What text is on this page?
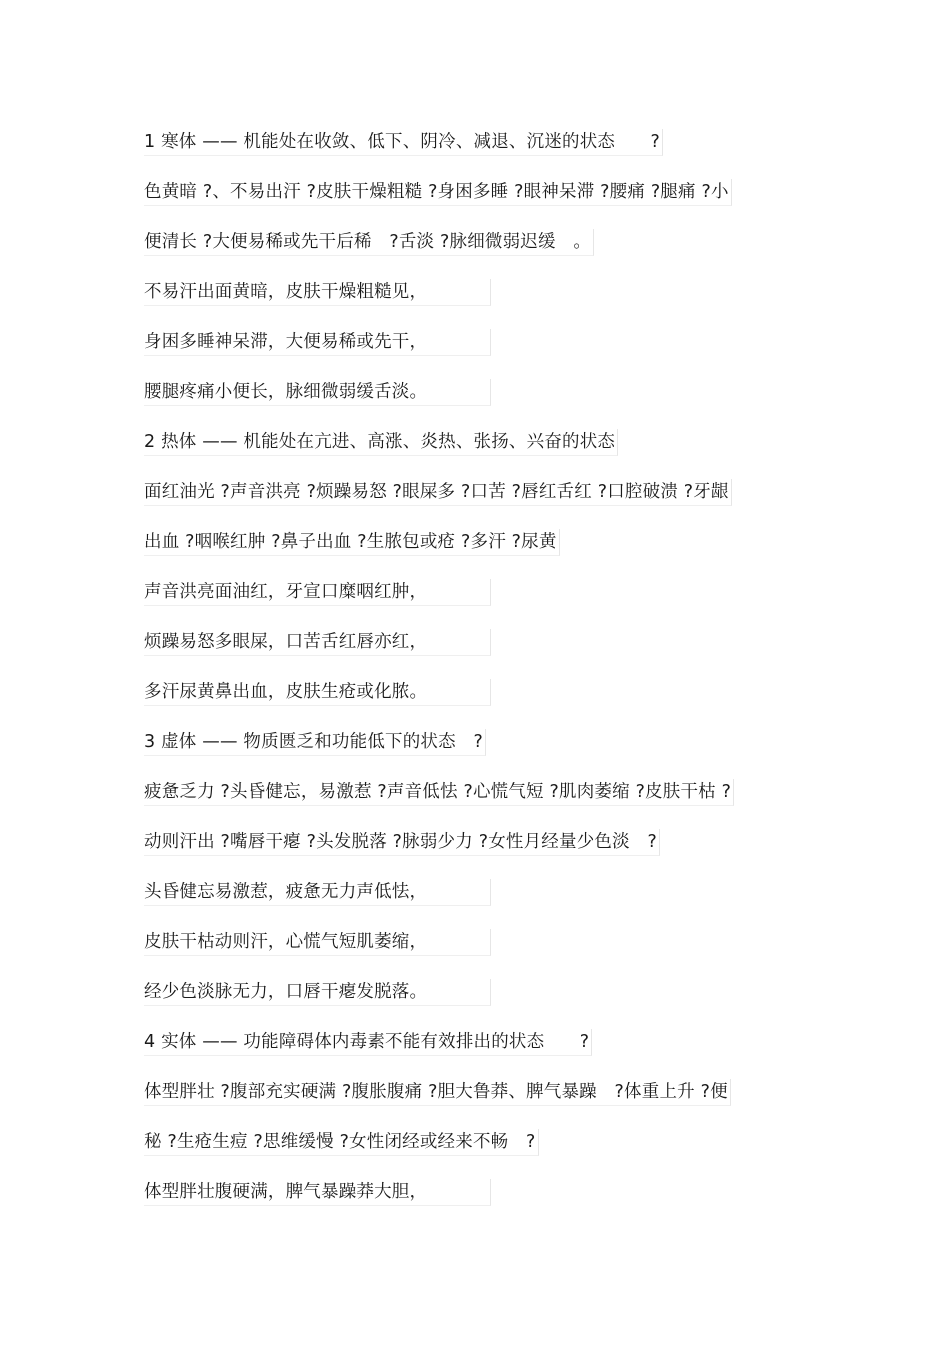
1 寒体 —— 机能处在收敛、低下、阴冷、减退、沉迷的状态　　?
色黄暗 ?、不易出汗 ?皮肤干燥粗糙 ?身困多睡 ?眼神呆滞 ?腰痛 ?腿痛 ?小
便清长 ?大便易稀或先干后稀　?舌淡 ?脉细微弱迟缓　。
不易汗出面黄暗，皮肤干燥粗糙见，
身困多睡神呆滞，大便易稀或先干，
腰腿疼痛小便长，脉细微弱缓舌淡。
2 热体 —— 机能处在亢进、高涨、炎热、张扬、兴奋的状态
面红油光 ?声音洪亮 ?烦躁易怒 ?眼屎多 ?口苦 ?唇红舌红 ?口腔破溃 ?牙龈
出血 ?咽喉红肿 ?鼻子出血 ?生脓包或疮 ?多汗 ?尿黄
声音洪亮面油红，牙宣口糜咽红肿，
烦躁易怒多眼屎，口苦舌红唇亦红，
多汗尿黄鼻出血，皮肤生疮或化脓。
3 虚体 —— 物质匮乏和功能低下的状态　?
疲惫乏力 ?头昏健忘，易激惹 ?声音低怯 ?心慌气短 ?肌肉萎缩 ?皮肤干枯 ?
动则汗出 ?嘴唇干瘪 ?头发脱落 ?脉弱少力 ?女性月经量少色淡　?
头昏健忘易激惹，疲惫无力声低怯，
皮肤干枯动则汗，心慌气短肌萎缩，
经少色淡脉无力，口唇干瘪发脱落。
4 实体 —— 功能障碍体内毒素不能有效排出的状态　　?
体型胖壮 ?腹部充实硬满 ?腹胀腹痛 ?胆大鲁莽、脾气暴躁　?体重上升 ?便
秘 ?生疮生痘 ?思维缓慢 ?女性闭经或经来不畅　?
体型胖壮腹硬满，脾气暴躁莽大胆，
